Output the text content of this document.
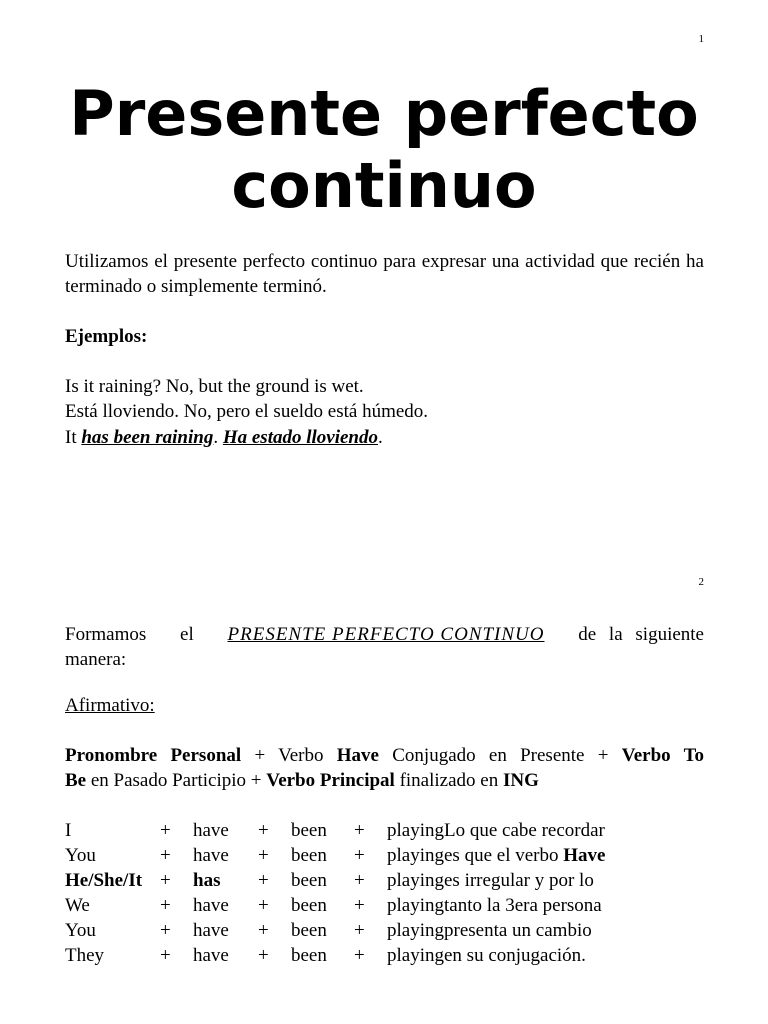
1
Presente perfecto continuo
Utilizamos el presente perfecto continuo para expresar una actividad que recién ha terminado o simplemente terminó.
Ejemplos:
Is it raining? No, but the ground is wet.
Está lloviendo. No, pero el sueldo está húmedo.
It has been raining. Ha estado lloviendo.
2
Formamos el PRESENTE PERFECTO CONTINUO de la siguiente
manera:
Afirmativo:
Pronombre Personal + Verbo Have Conjugado en Presente + Verbo To
Be en Pasado Participio + Verbo Principal finalizado en ING
I	+ have + been + playingLo que cabe recordar
You	+ have + been + playinges que el verbo Have
He/She/It + has + been + playinges irregular y por lo
We	+ have + been + playingtanto la 3era persona
You	+ have + been + playingpresenta un cambio
They	+ have + been + playingen su conjugación.
